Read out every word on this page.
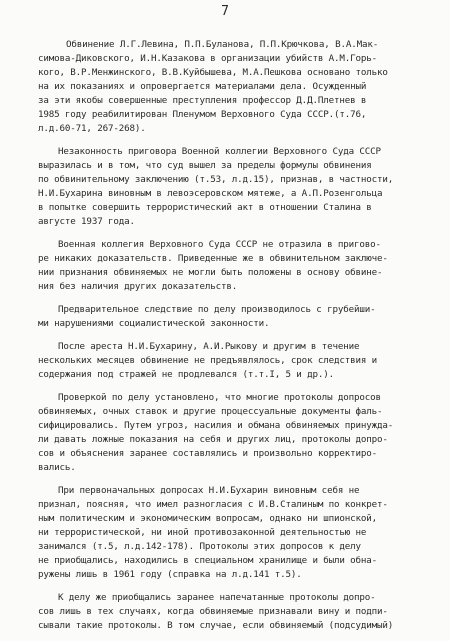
7
Обвинение Л.Г.Левина, П.П.Буланова, П.П.Крючкова, В.А.Мак-
симова-Диковского, И.Н.Казакова в организации убийств А.М.Горь-
кого, В.Р.Менжинского, В.В.Куйбышева, М.А.Пешкова основано только
на их показаниях и опровергается материалами дела. Осужденный
за эти якобы совершенные преступления профессор Д.Д.Плетнев в
1985 году реабилитирован Пленумом Верховного Суда СССР.(т.76,
л.д.60-71, 267-268).
Незаконность приговора Военной коллегии Верховного Суда СССР
выразилась и в том, что суд вышел за пределы формулы обвинения
по обвинительному заключению (т.53, л.д.15), признав, в частности,
Н.И.Бухарина виновным в левоэсеровском мятеже, а А.П.Розенгольца
в попытке совершить террористический акт в отношении Сталина в
августе 1937 года.
Военная коллегия Верховного Суда СССР не отразила в пригово-
ре никаких доказательств. Приведенные же в обвинительном заключе-
нии признания обвиняемых не могли быть положены в основу обвине-
ния без наличия других доказательств.
Предварительное следствие по делу производилось с грубейши-
ми нарушениями социалистической законности.
После ареста Н.И.Бухарину, А.И.Рыкову и другим в течение
нескольких месяцев обвинение не предъявлялось, срок следствия и
содержания под стражей не продлевался (т.т.I, 5 и др.).
Проверкой по делу установлено, что многие протоколы допросов
обвиняемых, очных ставок и другие процессуальные документы фаль-
сифицировались. Путем угроз, насилия и обмана обвиняемых принужда-
ли давать ложные показания на себя и других лиц, протоколы допро-
сов и объяснения заранее составлялись и произвольно корректиро-
вались.
При первоначальных допросах Н.И.Бухарин виновным себя не
признал, поясняя, что имел разногласия с И.В.Сталиным по конкрет-
ным политическим и экономическим вопросам, однако ни шпионской,
ни террористической, ни иной противозаконной деятельностью не
занимался (т.5, л.д.142-178). Протоколы этих допросов к делу
не приобщались, находились в специальном хранилище и были обна-
ружены лишь в 1961 году (справка на л.д.141 т.5).
К делу же приобщались заранее напечатанные протоколы допро-
сов лишь в тех случаях, когда обвиняемые признавали вину и подпи-
сывали такие протоколы. В том случае, если обвиняемый (подсудимый)
